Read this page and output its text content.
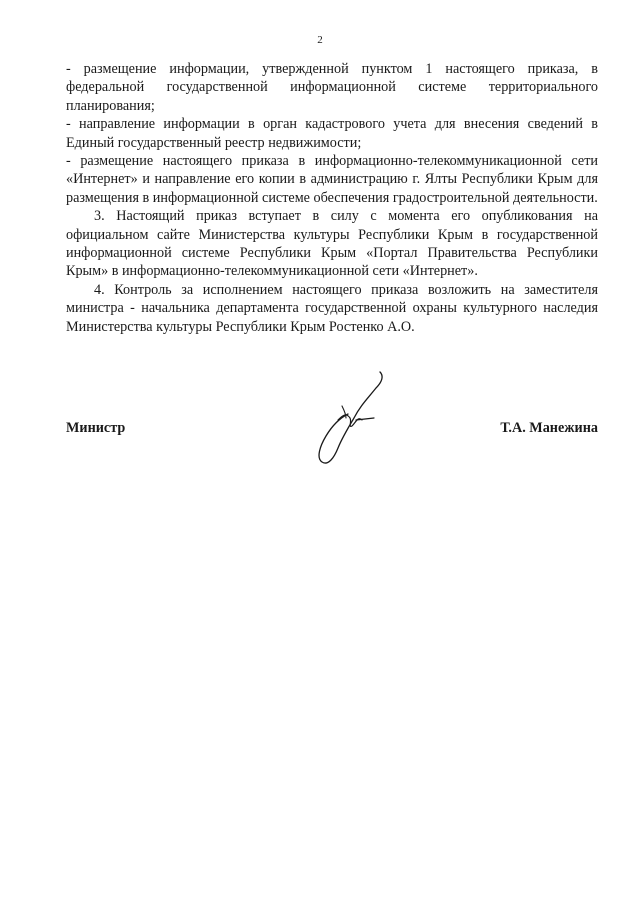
2

- размещение информации, утвержденной пунктом 1 настоящего приказа, в федеральной государственной информационной системе территориального планирования;

- направление информации в орган кадастрового учета для внесения сведений в Единый государственный реестр недвижимости;

- размещение настоящего приказа в информационно-телекоммуникационной сети «Интернет» и направление его копии в администрацию г. Ялты Республики Крым для размещения в информационной системе обеспечения градостроительной деятельности.

3. Настоящий приказ вступает в силу с момента его опубликования на официальном сайте Министерства культуры Республики Крым в государственной информационной системе Республики Крым «Портал Правительства Республики Крым» в информационно-телекоммуникационной сети «Интернет».

4. Контроль за исполнением настоящего приказа возложить на заместителя министра - начальника департамента государственной охраны культурного наследия Министерства культуры Республики Крым Ростенко А.О.

Министр	Т.А. Манежина
